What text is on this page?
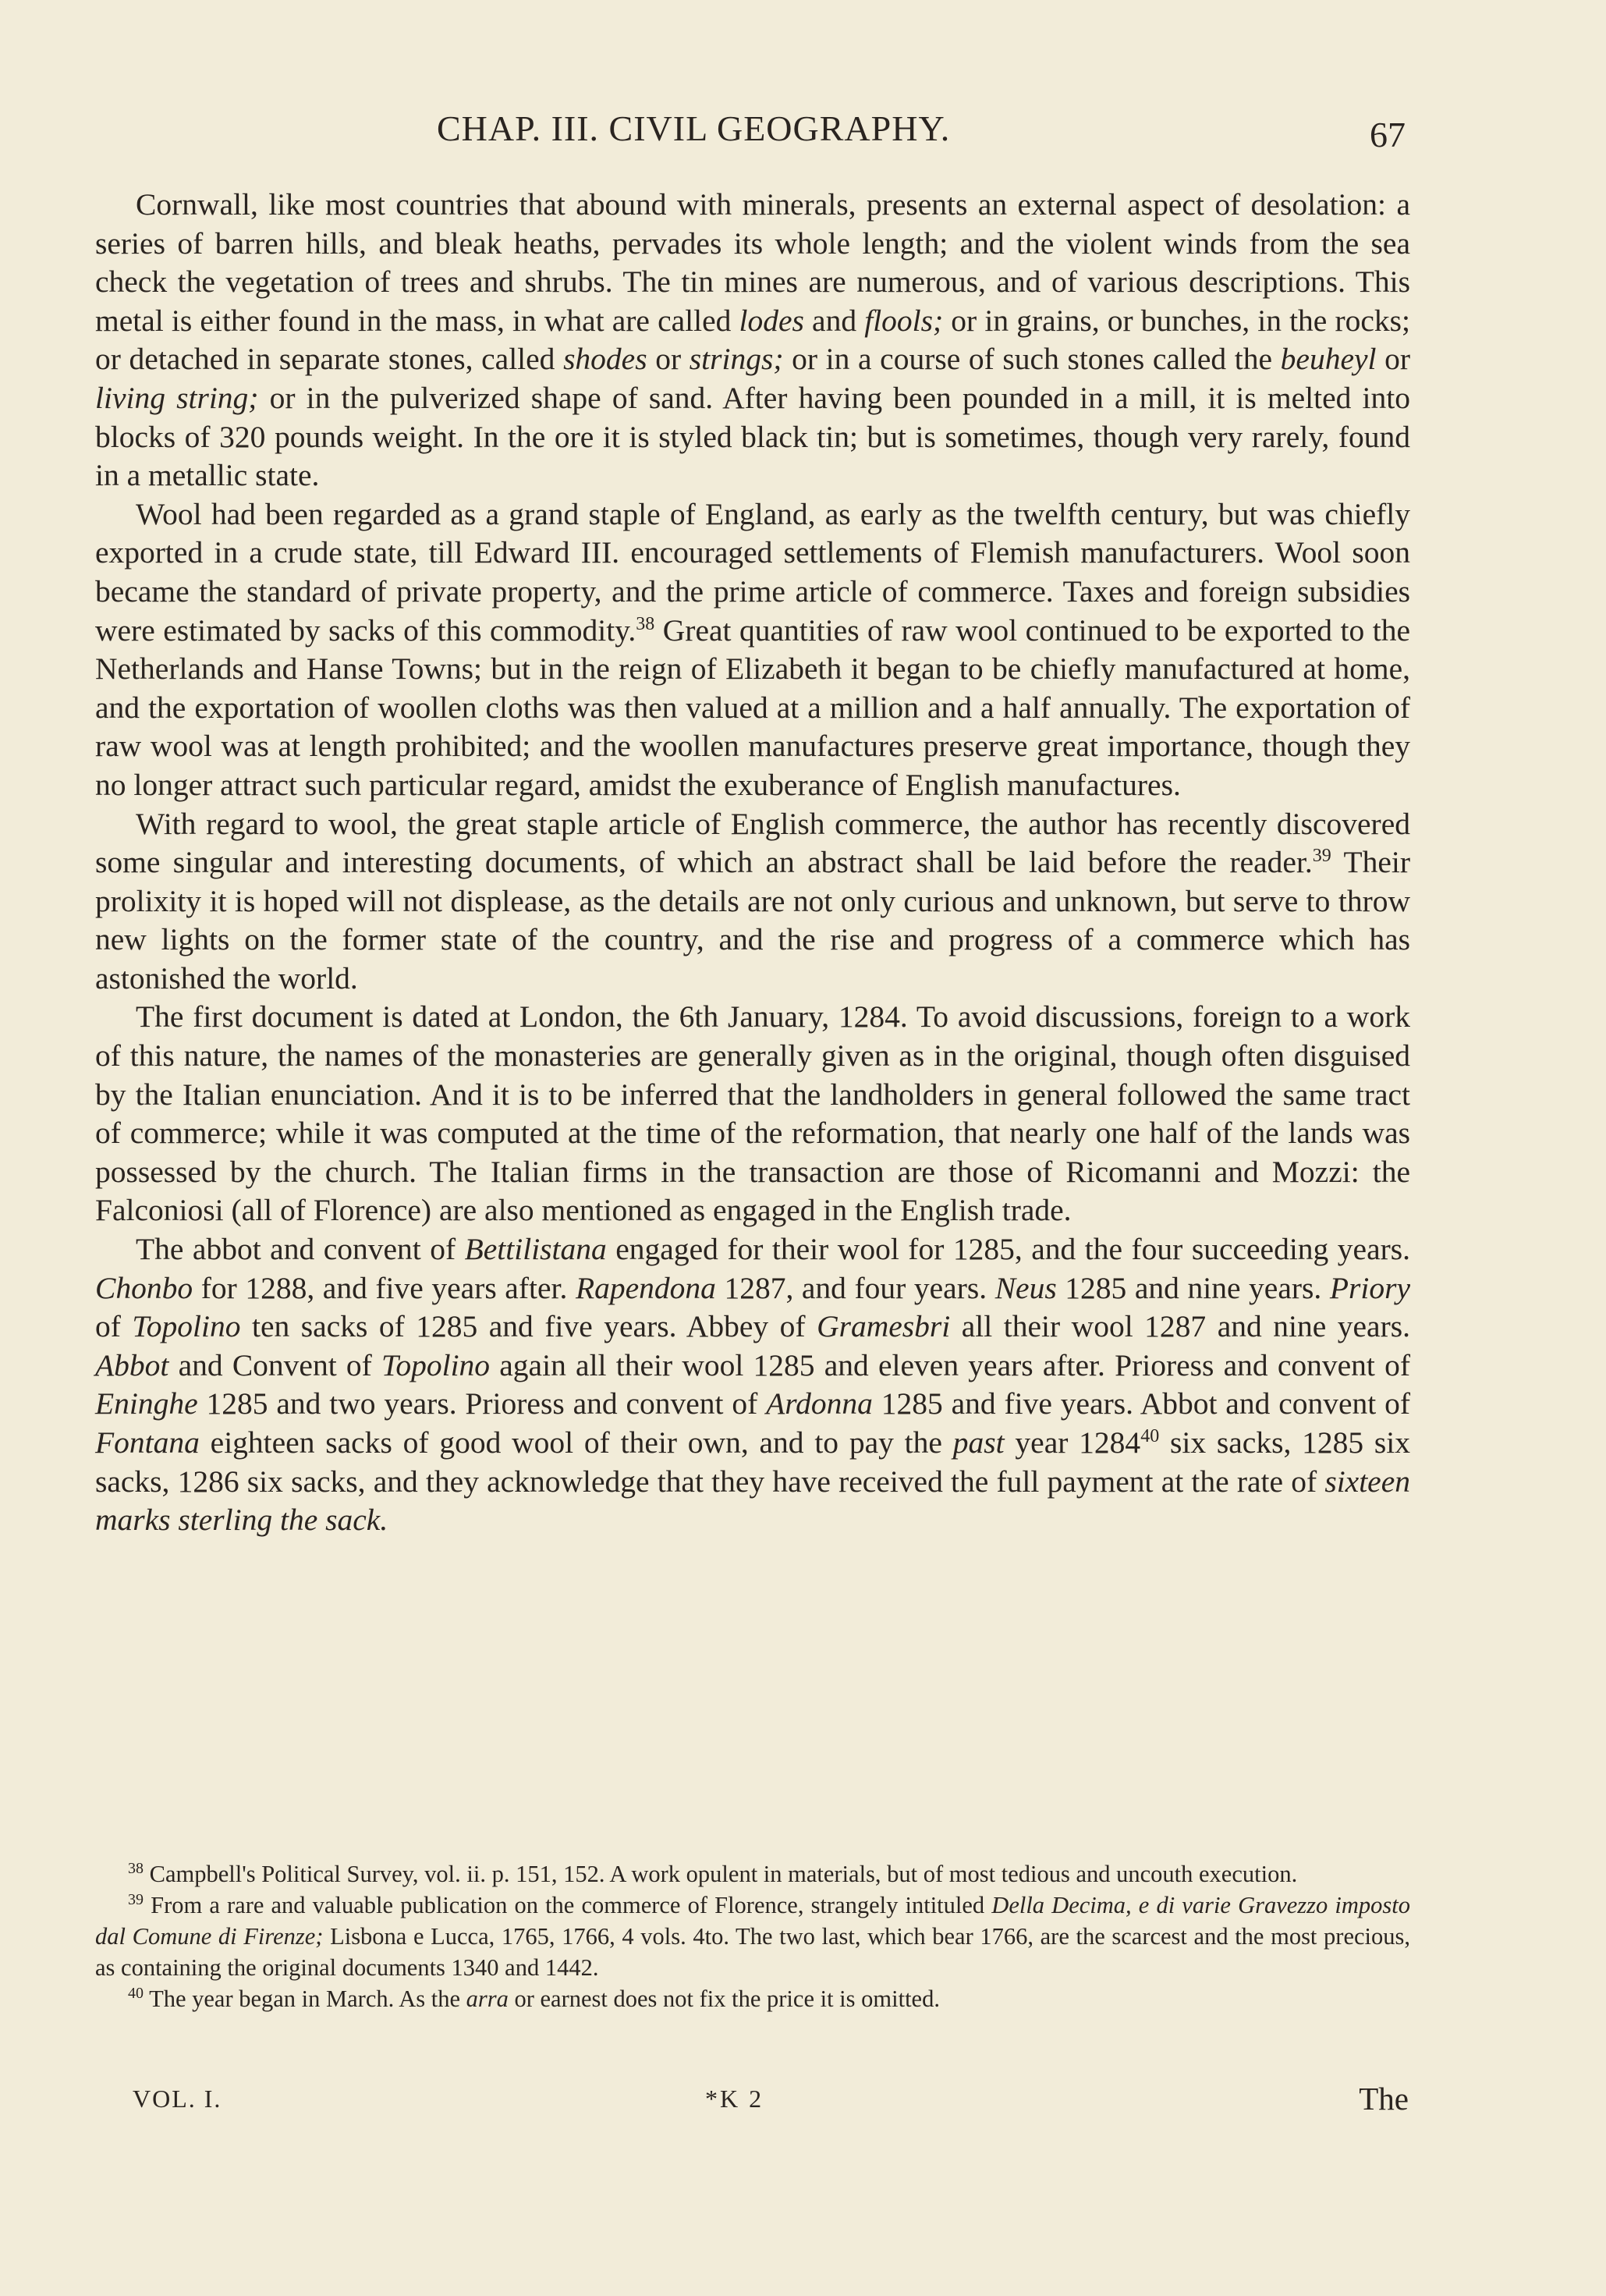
CHAP. III. CIVIL GEOGRAPHY.	67

Cornwall, like most countries that abound with minerals, presents an external aspect of desolation: a series of barren hills, and bleak heaths, pervades its whole length; and the violent winds from the sea check the vegetation of trees and shrubs. The tin mines are numerous, and of various descriptions. This metal is either found in the mass, in what are called lodes and flools; or in grains, or bunches, in the rocks; or detached in separate stones, called shodes or strings; or in a course of such stones called the beuheyl or living string; or in the pulverized shape of sand. After having been pounded in a mill, it is melted into blocks of 320 pounds weight. In the ore it is styled black tin; but is sometimes, though very rarely, found in a metallic state.

Wool had been regarded as a grand staple of England, as early as the twelfth century, but was chiefly exported in a crude state, till Edward III. encouraged settlements of Flemish manufacturers. Wool soon became the standard of private property, and the prime article of commerce. Taxes and foreign subsidies were estimated by sacks of this commodity.$^{38}$ Great quantities of raw wool continued to be exported to the Netherlands and Hanse Towns; but in the reign of Elizabeth it began to be chiefly manufactured at home, and the exportation of woollen cloths was then valued at a million and a half annually. The exportation of raw wool was at length prohibited; and the woollen manufactures preserve great importance, though they no longer attract such particular regard, amidst the exuberance of English manufactures.

With regard to wool, the great staple article of English commerce, the author has recently discovered some singular and interesting documents, of which an abstract shall be laid before the reader.$^{39}$ Their prolixity it is hoped will not displease, as the details are not only curious and unknown, but serve to throw new lights on the former state of the country, and the rise and progress of a commerce which has astonished the world.

The first document is dated at London, the 6th January, 1284. To avoid discussions, foreign to a work of this nature, the names of the monasteries are generally given as in the original, though often disguised by the Italian enunciation. And it is to be inferred that the landholders in general followed the same tract of commerce; while it was computed at the time of the reformation, that nearly one half of the lands was possessed by the church. The Italian firms in the transaction are those of Ricomanni and Mozzi: the Falconiosi (all of Florence) are also mentioned as engaged in the English trade.

The abbot and convent of Bettilistana engaged for their wool for 1285, and the four succeeding years. Chonbo for 1288, and five years after. Rapendona 1287, and four years. Neus 1285 and nine years. Priory of Topolino ten sacks of 1285 and five years. Abbey of Gramesbri all their wool 1287 and nine years. Abbot and Convent of Topolino again all their wool 1285 and eleven years after. Prioress and convent of Eninghe 1285 and two years. Prioress and convent of Ardonna 1285 and five years. Abbot and convent of Fontana eighteen sacks of good wool of their own, and to pay the past year 1284$^{40}$ six sacks, 1285 six sacks, 1286 six sacks, and they acknowledge that they have received the full payment at the rate of sixteen marks sterling the sack.

$^{38}$ Campbell's Political Survey, vol. ii. p. 151, 152. A work opulent in materials, but of most tedious and uncouth execution.

$^{39}$ From a rare and valuable publication on the commerce of Florence, strangely intituled Della Decima, e di varie Gravezzo imposto dal Comune di Firenze; Lisbona e Lucca, 1765, 1766, 4 vols. 4to. The two last, which bear 1766, are the scarcest and the most precious, as containing the original documents 1340 and 1442.

$^{40}$ The year began in March. As the arra or earnest does not fix the price it is omitted.

VOL. I.	*K 2	The
